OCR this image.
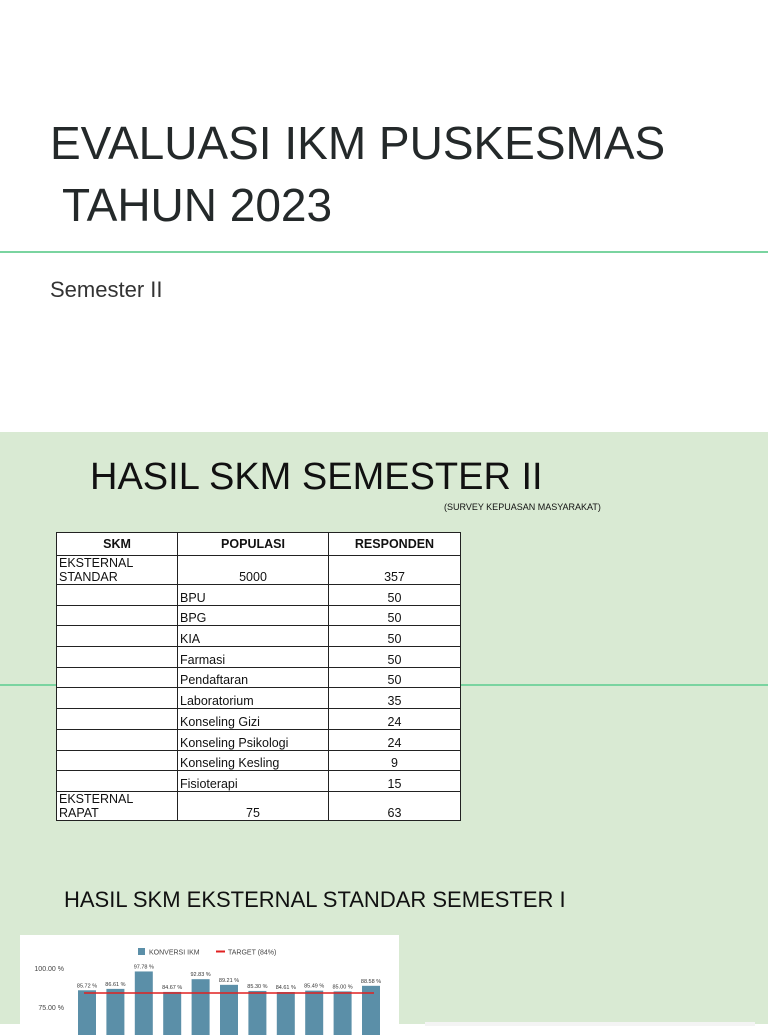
EVALUASI IKM PUSKESMAS
TAHUN 2023
Semester II
HASIL SKM SEMESTER II
(SURVEY KEPUASAN MASYARAKAT)
SKM	POPULASI	RESPONDEN
EKSTERNAL
STANDAR	5000	357
	BPU	50
	BPG	50
	KIA	50
	Farmasi	50
	Pendaftaran	50
	Laboratorium	35
	Konseling Gizi	24
	Konseling Psikologi	24
	Konseling Kesling	9
	Fisioterapi	15
EKSTERNAL
RAPAT	75	63
HASIL SKM EKSTERNAL STANDAR SEMESTER I
KONVERSI IKM	TARGET (84%)
100.00 %
75.00 %
85.72 % 86.61 %
97.78 %
84.67 %
92.83 %
89.21 %
85.30 % 84.61 % 85.49 % 85.00 %
88.58 %
